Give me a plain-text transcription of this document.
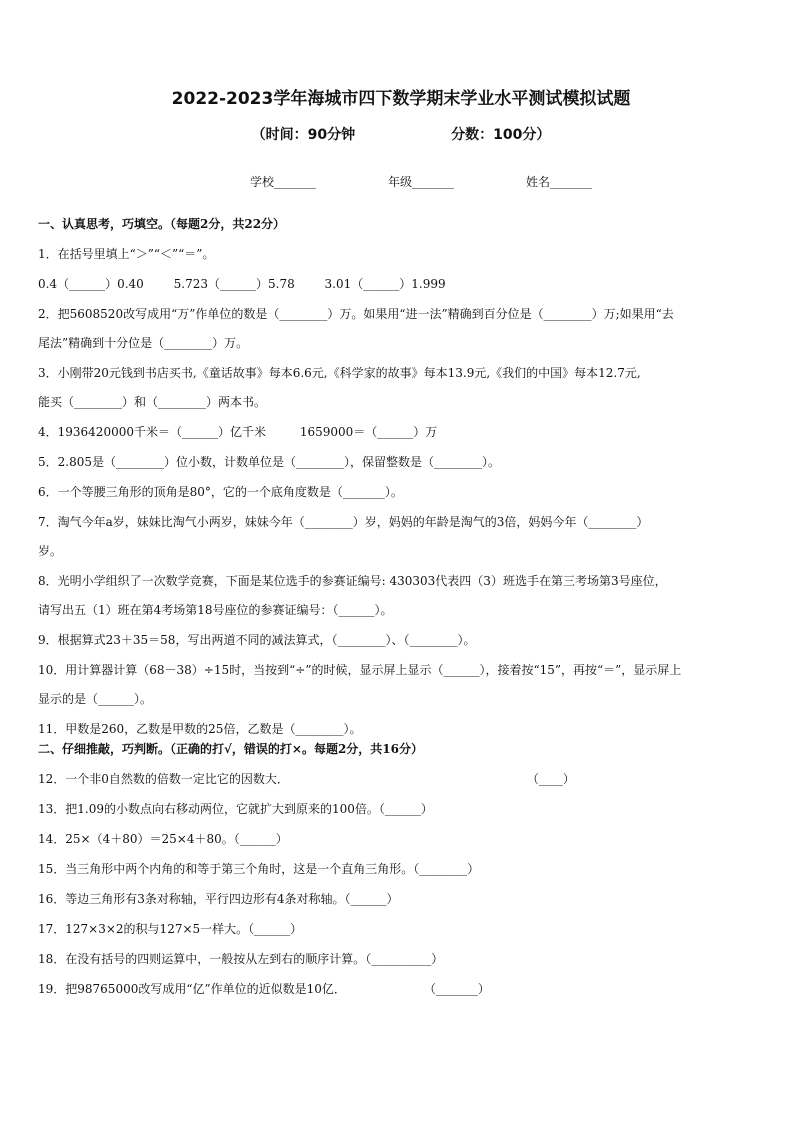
2022-2023学年海城市四下数学期末学业水平测试模拟试题
（时间：90分钟	分数：100分）
学校_______	年级_______	姓名_______
一、认真思考，巧填空。（每题2分，共22分）
1．在括号里填上“＞”“＜”“＝”。
0.4（______）0.40 5.723（______）5.78 3.01（______）1.999
2．把5608520改写成用“万”作单位的数是（________）万。如果用“进一法”精确到百分位是（________）万;如果用“去
尾法”精确到十分位是（________）万。
3．小刚带20元钱到书店买书,《童话故事》每本6.6元,《科学家的故事》每本13.9元,《我们的中国》每本12.7元,
能买（________）和（________）两本书。
4．1936420000千米＝（______）亿千米	1659000＝（______）万
5．2.805是（________）位小数，计数单位是（________），保留整数是（________）。
6．一个等腰三角形的顶角是80°，它的一个底角度数是（_______）。
7．淘气今年a岁，妹妹比淘气小两岁，妹妹今年（________）岁，妈妈的年龄是淘气的3倍，妈妈今年（________）
岁。
8．光明小学组织了一次数学竞赛，下面是某位选手的参赛证编号: 430303代表四（3）班选手在第三考场第3号座位，
请写出五（1）班在第4考场第18号座位的参赛证编号：（______）。
9．根据算式23＋35＝58，写出两道不同的减法算式，（________）、（________）。
10．用计算器计算（68－38）÷15时，当按到“÷”的时候，显示屏上显示（______），接着按“15”，再按“＝”，显示屏上
显示的是（______）。
11．甲数是260，乙数是甲数的25倍，乙数是（________）。
二、仔细推敲，巧判断。（正确的打√，错误的打×。每题2分，共16分）
12．一个非0自然数的倍数一定比它的因数大．	（____）
13．把1.09的小数点向右移动两位，它就扩大到原来的100倍。（______）
14．25×（4＋80）＝25×4＋80。（______）
15．当三角形中两个内角的和等于第三个角时，这是一个直角三角形。（________）
16．等边三角形有3条对称轴，平行四边形有4条对称轴。（______）
17．127×3×2的积与127×5一样大。（______）
18．在没有括号的四则运算中，一般按从左到右的顺序计算。（__________）
19．把98765000改写成用“亿”作单位的近似数是10亿．	（_______）
